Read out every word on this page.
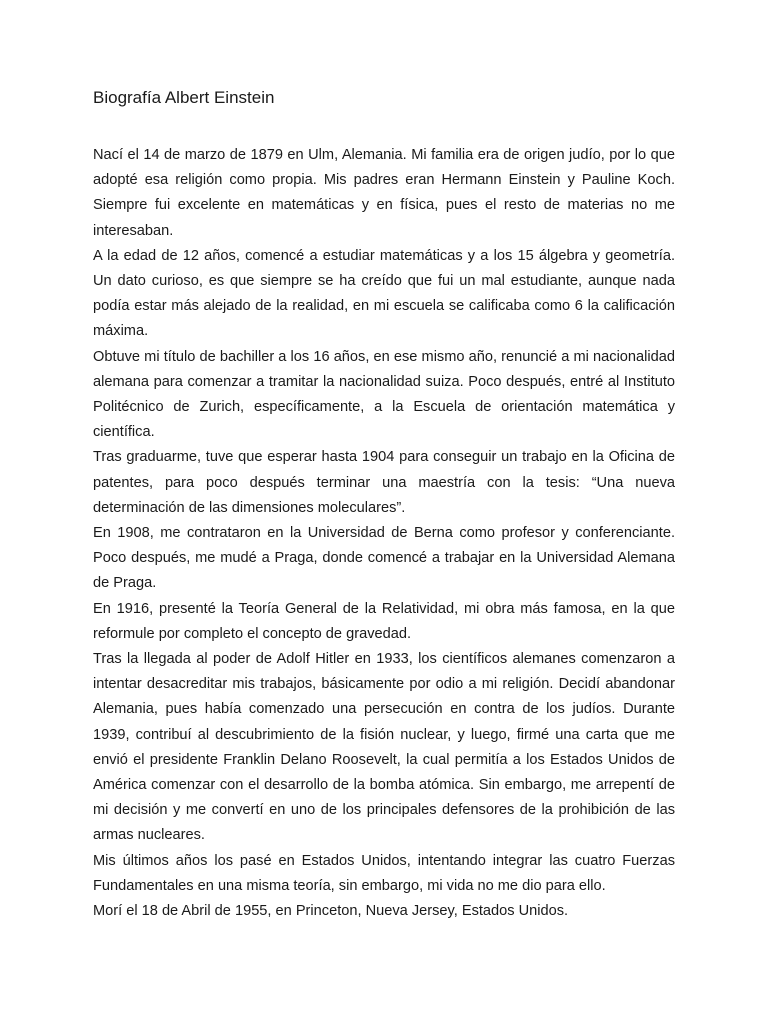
Biografía Albert Einstein

Nací el 14 de marzo de 1879 en Ulm, Alemania. Mi familia era de origen judío, por lo que adopté esa religión como propia. Mis padres eran Hermann Einstein y Pauline Koch. Siempre fui excelente en matemáticas y en física, pues el resto de materias no me interesaban.

A la edad de 12 años, comencé a estudiar matemáticas y a los 15 álgebra y geometría. Un dato curioso, es que siempre se ha creído que fui un mal estudiante, aunque nada podía estar más alejado de la realidad, en mi escuela se calificaba como 6 la calificación máxima.

Obtuve mi título de bachiller a los 16 años, en ese mismo año, renuncié a mi nacionalidad alemana para comenzar a tramitar la nacionalidad suiza. Poco después, entré al Instituto Politécnico de Zurich, específicamente, a la Escuela de orientación matemática y científica.

Tras graduarme, tuve que esperar hasta 1904 para conseguir un trabajo en la Oficina de patentes, para poco después terminar una maestría con la tesis: “Una nueva determinación de las dimensiones moleculares”.

En 1908, me contrataron en la Universidad de Berna como profesor y conferenciante. Poco después, me mudé a Praga, donde comencé a trabajar en la Universidad Alemana de Praga.

En 1916, presenté la Teoría General de la Relatividad, mi obra más famosa, en la que reformule por completo el concepto de gravedad.

Tras la llegada al poder de Adolf Hitler en 1933, los científicos alemanes comenzaron a intentar desacreditar mis trabajos, básicamente por odio a mi religión. Decidí abandonar Alemania, pues había comenzado una persecución en contra de los judíos. Durante 1939, contribuí al descubrimiento de la fisión nuclear, y luego, firmé una carta que me envió el presidente Franklin Delano Roosevelt, la cual permitía a los Estados Unidos de América comenzar con el desarrollo de la bomba atómica. Sin embargo, me arrepentí de mi decisión y me convertí en uno de los principales defensores de la prohibición de las armas nucleares.

Mis últimos años los pasé en Estados Unidos, intentando integrar las cuatro Fuerzas Fundamentales en una misma teoría, sin embargo, mi vida no me dio para ello.

Morí el 18 de Abril de 1955, en Princeton, Nueva Jersey, Estados Unidos.
